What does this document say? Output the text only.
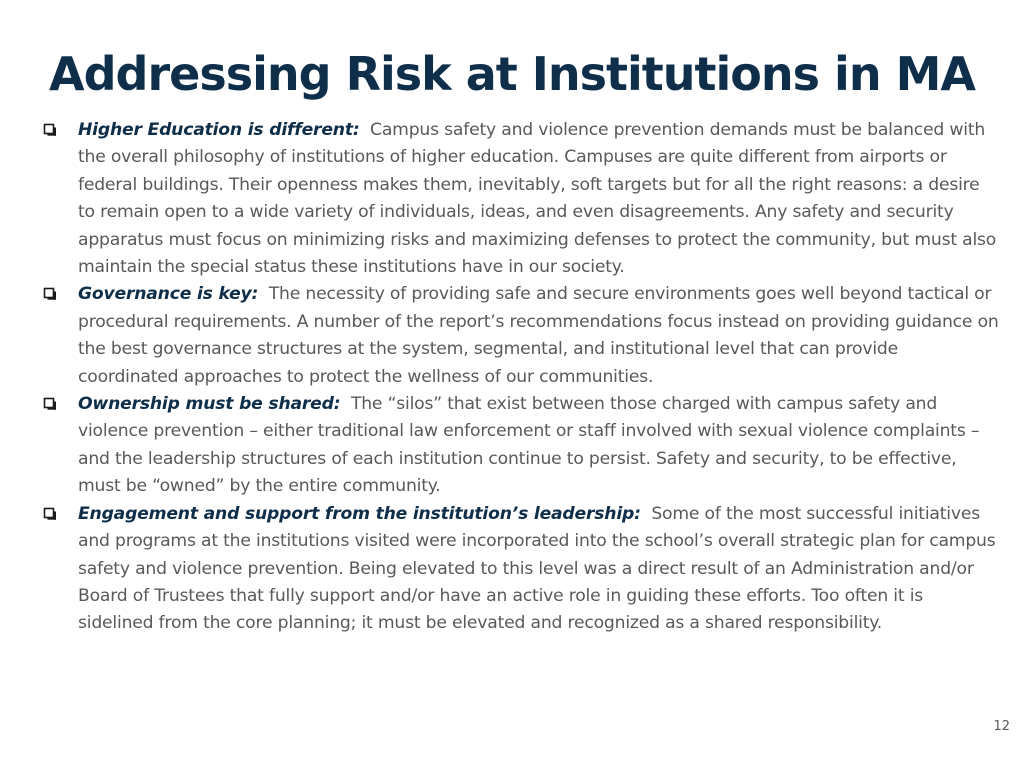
Addressing Risk at Institutions in MA
Higher Education is different: Campus safety and violence prevention demands must be balanced with the overall philosophy of institutions of higher education. Campuses are quite different from airports or federal buildings. Their openness makes them, inevitably, soft targets but for all the right reasons: a desire to remain open to a wide variety of individuals, ideas, and even disagreements. Any safety and security apparatus must focus on minimizing risks and maximizing defenses to protect the community, but must also maintain the special status these institutions have in our society.
Governance is key: The necessity of providing safe and secure environments goes well beyond tactical or procedural requirements. A number of the report’s recommendations focus instead on providing guidance on the best governance structures at the system, segmental, and institutional level that can provide coordinated approaches to protect the wellness of our communities.
Ownership must be shared: The “silos” that exist between those charged with campus safety and violence prevention – either traditional law enforcement or staff involved with sexual violence complaints – and the leadership structures of each institution continue to persist. Safety and security, to be effective, must be “owned” by the entire community.
Engagement and support from the institution’s leadership: Some of the most successful initiatives and programs at the institutions visited were incorporated into the school’s overall strategic plan for campus safety and violence prevention. Being elevated to this level was a direct result of an Administration and/or Board of Trustees that fully support and/or have an active role in guiding these efforts. Too often it is sidelined from the core planning; it must be elevated and recognized as a shared responsibility.
12
